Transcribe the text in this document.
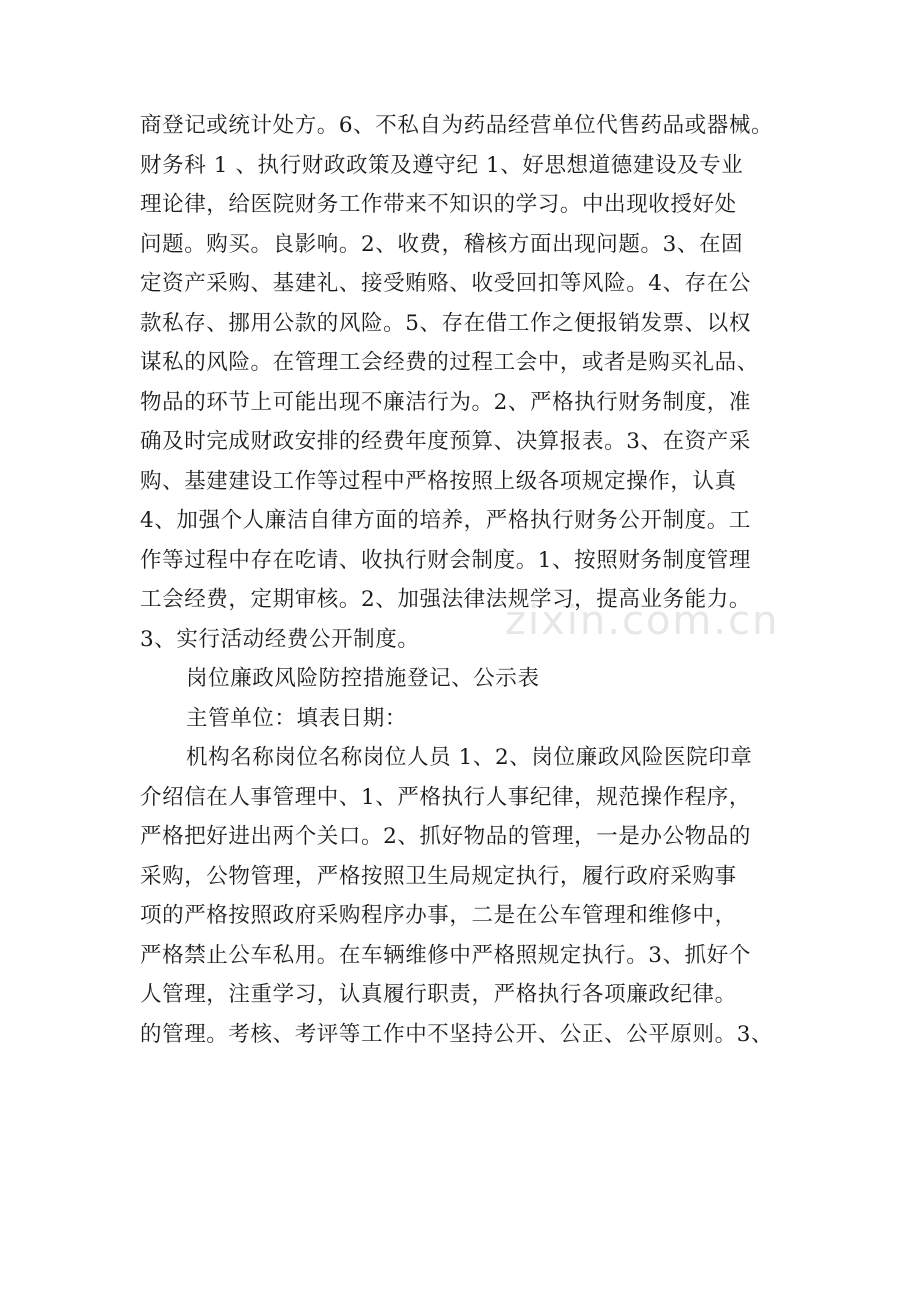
商登记或统计处方。6、不私自为药品经营单位代售药品或器械。
财务科 1 、执行财政政策及遵守纪 1、好思想道德建设及专业
理论律，给医院财务工作带来不知识的学习。中出现收授好处
问题。购买。良影响。2、收费，稽核方面出现问题。3、在固
定资产采购、基建礼、接受贿赂、收受回扣等风险。4、存在公
款私存、挪用公款的风险。5、存在借工作之便报销发票、以权
谋私的风险。在管理工会经费的过程工会中，或者是购买礼品、
物品的环节上可能出现不廉洁行为。2、严格执行财务制度，准
确及时完成财政安排的经费年度预算、决算报表。3、在资产采
购、基建建设工作等过程中严格按照上级各项规定操作，认真
4、加强个人廉洁自律方面的培养，严格执行财务公开制度。工
作等过程中存在吃请、收执行财会制度。1、按照财务制度管理
工会经费，定期审核。2、加强法律法规学习，提高业务能力。
3、实行活动经费公开制度。
岗位廉政风险防控措施登记、公示表
主管单位：填表日期：
机构名称岗位名称岗位人员 1、2、岗位廉政风险医院印章
介绍信在人事管理中、1、严格执行人事纪律，规范操作程序，
严格把好进出两个关口。2、抓好物品的管理，一是办公物品的
采购，公物管理，严格按照卫生局规定执行，履行政府采购事
项的严格按照政府采购程序办事，二是在公车管理和维修中，
严格禁止公车私用。在车辆维修中严格照规定执行。3、抓好个
人管理，注重学习，认真履行职责，严格执行各项廉政纪律。
的管理。考核、考评等工作中不坚持公开、公正、公平原则。3、
zixin.com.cn
